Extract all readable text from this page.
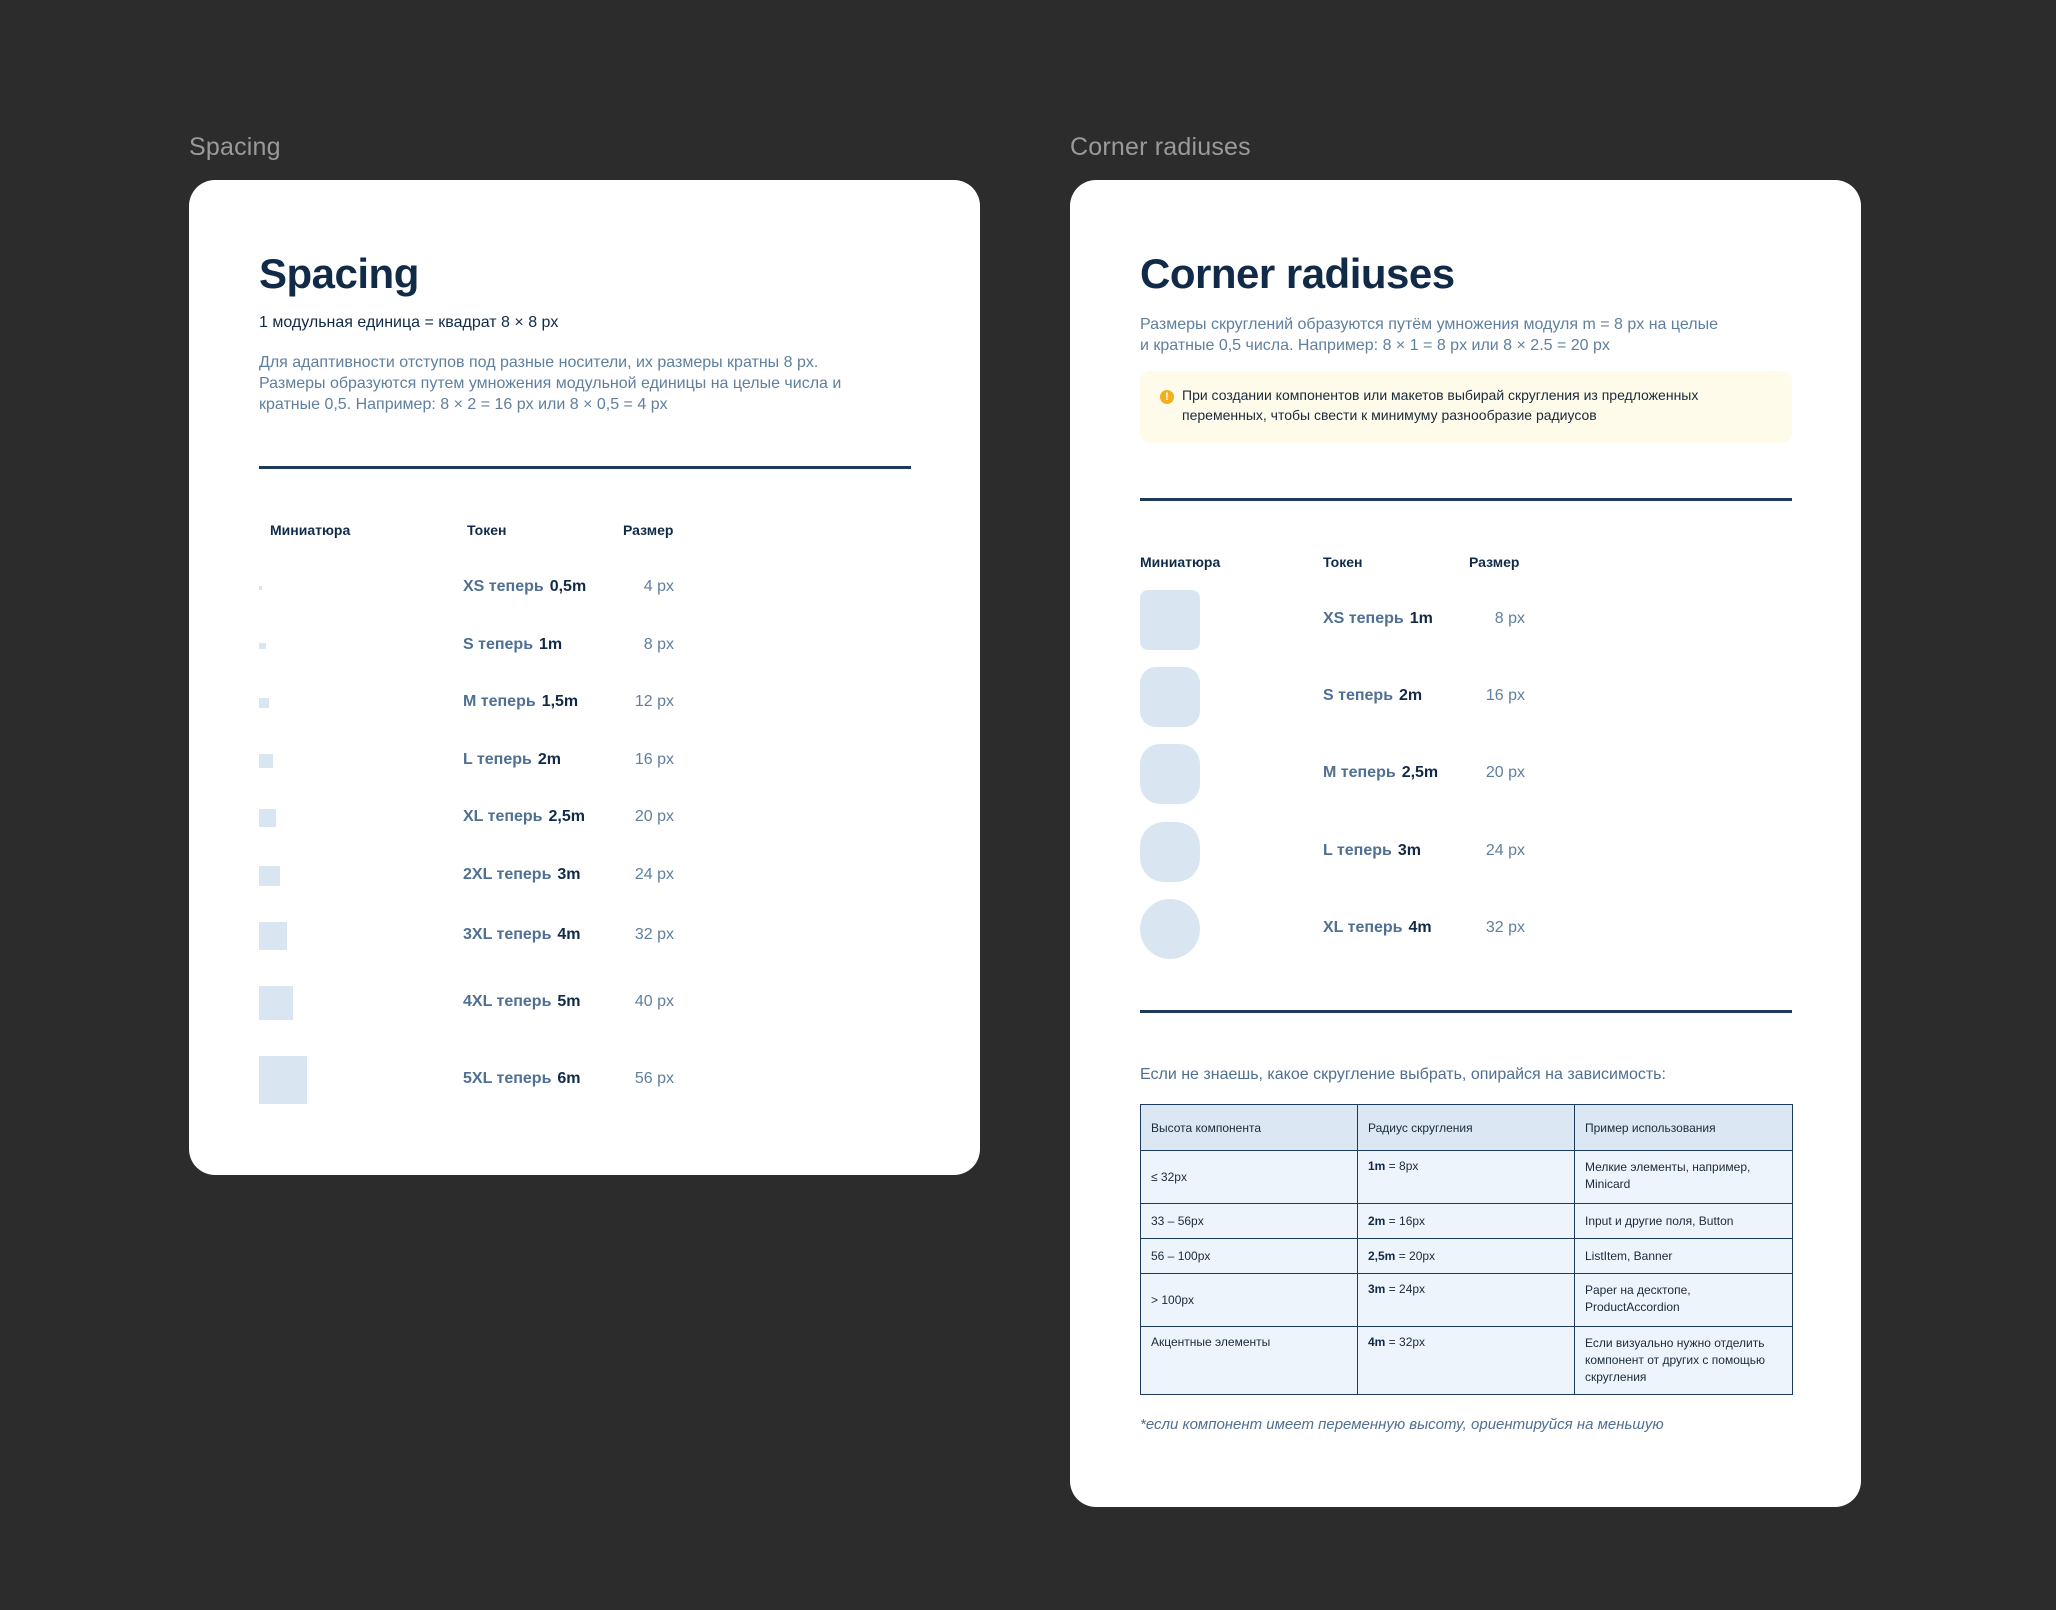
Spacing	Corner radiuses
Spacing
1 модульная единица = квадрат 8 × 8 px
Для адаптивности отступов под разные носители, их размеры кратны 8 px.
Размеры образуются путем умножения модульной единицы на целые числа и
кратные 0,5. Например: 8 × 2 = 16 px или 8 × 0,5 = 4 px
Миниатюра	Токен	Размер
XS теперь 0,5m	4 px
S теперь 1m	8 px
M теперь 1,5m	12 px
L теперь 2m	16 px
XL теперь 2,5m	20 px
2XL теперь 3m	24 px
3XL теперь 4m	32 px
4XL теперь 5m	40 px
5XL теперь 6m	56 px
Corner radiuses
Размеры скруглений образуются путём умножения модуля m = 8 px на целые
и кратные 0,5 числа. Например: 8 × 1 = 8 px или 8 × 2.5 = 20 px
! При создании компонентов или макетов выбирай скругления из предложенных
переменных, чтобы свести к минимуму разнообразие радиусов
Миниатюра	Токен	Размер
XS теперь 1m	8 px
S теперь 2m	16 px
M теперь 2,5m	20 px
L теперь 3m	24 px
XL теперь 4m	32 px
Если не знаешь, какое скругление выбрать, опирайся на зависимость:
Высота компонента	Радиус скругления	Пример использования
≤ 32px	1m = 8px	Мелкие элементы, например,
Minicard

33 – 56px	2m = 16px	Input и другие поля, Button

56 – 100px	2,5m = 20px	ListItem, Banner

> 100px	3m = 24px	Paper на десктопе,
ProductAccordion

Акцентные элементы	4m = 32px	Если визуально нужно отделить
компонент от других с помощью
скругления
*если компонент имеет переменную высоту, ориентируйся на меньшую
